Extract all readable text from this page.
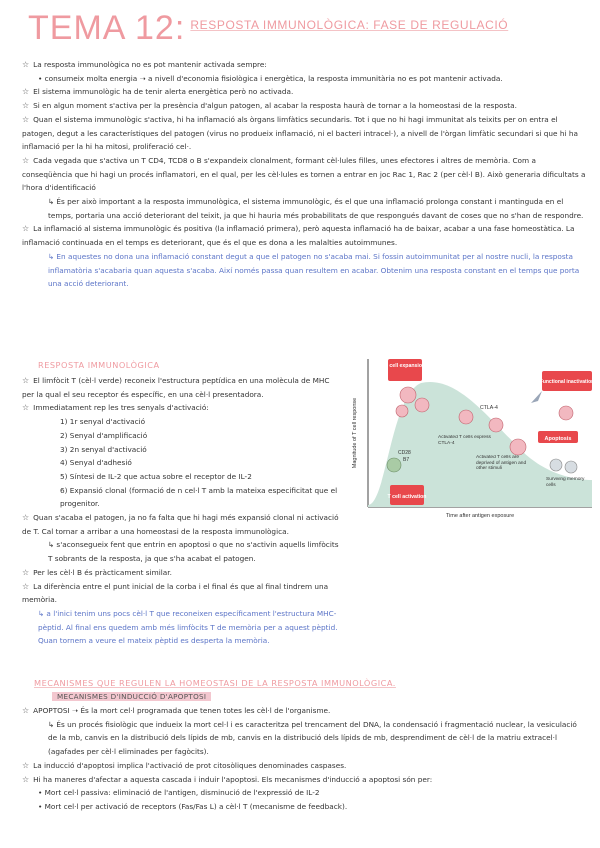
TEMA 12: $^{RESPOSTA IMMUNOLÒGICA: FASE DE REGULACIÓ}$

☆ La resposta immunològica no es pot mantenir activada sempre:

• consumeix molta energia ➝ a nivell d'economia fisiològica i energètica, la resposta immunitària no es pot mantenir activada.

☆ El sistema immunològic ha de tenir alerta energètica però no activada.

☆ Si en algun moment s'activa per la presència d'algun patogen, al acabar la resposta haurà de tornar a la homeostasi de la resposta.

☆ Quan el sistema immunològic s'activa, hi ha inflamació als òrgans limfàtics secundaris. Tot i que no hi hagi immunitat als teixits per on entra el patogen, degut a les característiques del patogen (virus no produeix inflamació, ni el bacteri intracel·), a nivell de l'òrgan limfàtic secundari si que hi ha inflamació per la hi ha mitosi, proliferació cel·.

☆ Cada vegada que s'activa un T CD4, TCD8 o B s'expandeix clonalment, formant cèl·lules filles, unes efectores i altres de memòria. Com a conseqüència que hi hagi un procés inflamatori, en el qual, per les cèl·lules es tornen a entrar en joc Rac 1, Rac 2 (per cèl·l B). Això generaria dificultats a l'hora d'identificació

↳ És per això important a la resposta immunològica, el sistema immunològic, és el que una inflamació prolonga constant i mantinguda en el temps, portaria una acció deteriorant del teixit, ja que hi hauria més probabilitats de que respongués davant de coses que no s'han de respondre.

☆ La inflamació al sistema immunològic és positiva (la inflamació primera), però aquesta inflamació ha de baixar, acabar a una fase homeostàtica. La inflamació continuada en el temps es deteriorant, que és el que es dona a les malalties autoimmunes.

↳ En aquestes no dona una inflamació constant degut a que el patogen no s'acaba mai. Si fossin autoimmunitat per al nostre nucli, la resposta inflamatòria s'acabaria quan aquesta s'acaba. Així només passa quan resultem en acabar. Obtenim una resposta constant en el temps que porta una acció deteriorant.

RESPOSTA IMMUNOLÒGICA

☆ El limfòcit T (cèl·l verde) reconeix l'estructura peptídica en una molècula de MHC per la qual el seu receptor és específic, en una cèl·l presentadora.

☆ Immediatament rep les tres senyals d'activació:

1) 1r senyal d'activació

2) Senyal d'amplificació

3) 2n senyal d'activació

4) Senyal d'adhesió

5) Síntesi de IL-2 que actua sobre el receptor de IL-2

6) Expansió clonal (formació de n cel·l T amb la mateixa especificitat que el progenitor.

☆ Quan s'acaba el patogen, ja no fa falta que hi hagi més expansió clonal ni activació de T. Cal tornar a arribar a una homeostasi de la resposta immunològica.

↳ s'aconsegueix fent que entrin en apoptosi o que no s'activin aquells limfòcits T sobrants de la resposta, ja que s'ha acabat el patogen.

☆ Per les cèl·l B és pràcticament similar.

☆ La diferència entre el punt inicial de la corba i el final és que al final tindrem una memòria.

↳ a l'inici tenim uns pocs cèl·l T que reconeixen específicament l'estructura MHC-pèptid. Al final ens quedem amb més limfòcits T de memòria per a aquest pèptid. Quan tornem a veure el mateix pèptid es desperta la memòria.

Magnitude of T cell response
Time after antigen exposure
T cell expansion
T cell activation
Functional inactivation
Apoptosis
CTLA-4
CD28
B7
Activated T cells express CTLA-4
Activated T cells are deprived of antigen and other stimuli
Surviving memory cells
MECANISMES QUE REGULEN LA HOMEOSTASI DE LA RESPOSTA IMMUNOLÒGICA.
MECANISMES D'INDUCCIÓ D'APOPTOSI

☆ APOPTOSI ➝ És la mort cel·l programada que tenen totes les cèl·l de l'organisme.

↳ És un procés fisiològic que indueix la mort cel·l i es caracteritza pel trencament del DNA, la condensació i fragmentació nuclear, la vesiculació de la mb, canvis en la distribució dels lípids de mb, canvis en la distribució dels lípids de mb, desprendiment de cèl·l de la matriu extracel·l (agafades per cèl·l eliminades per fagòcits).

☆ La inducció d'apoptosi implica l'activació de prot citosòliques denominades caspases.

☆ Hi ha maneres d'afectar a aquesta cascada i induir l'apoptosi. Els mecanismes d'inducció a apoptosi són per:

• Mort cel·l passiva: eliminació de l'antigen, disminució de l'expressió de IL-2

• Mort cel·l per activació de receptors (Fas/Fas L) a cèl·l T (mecanisme de feedback).
